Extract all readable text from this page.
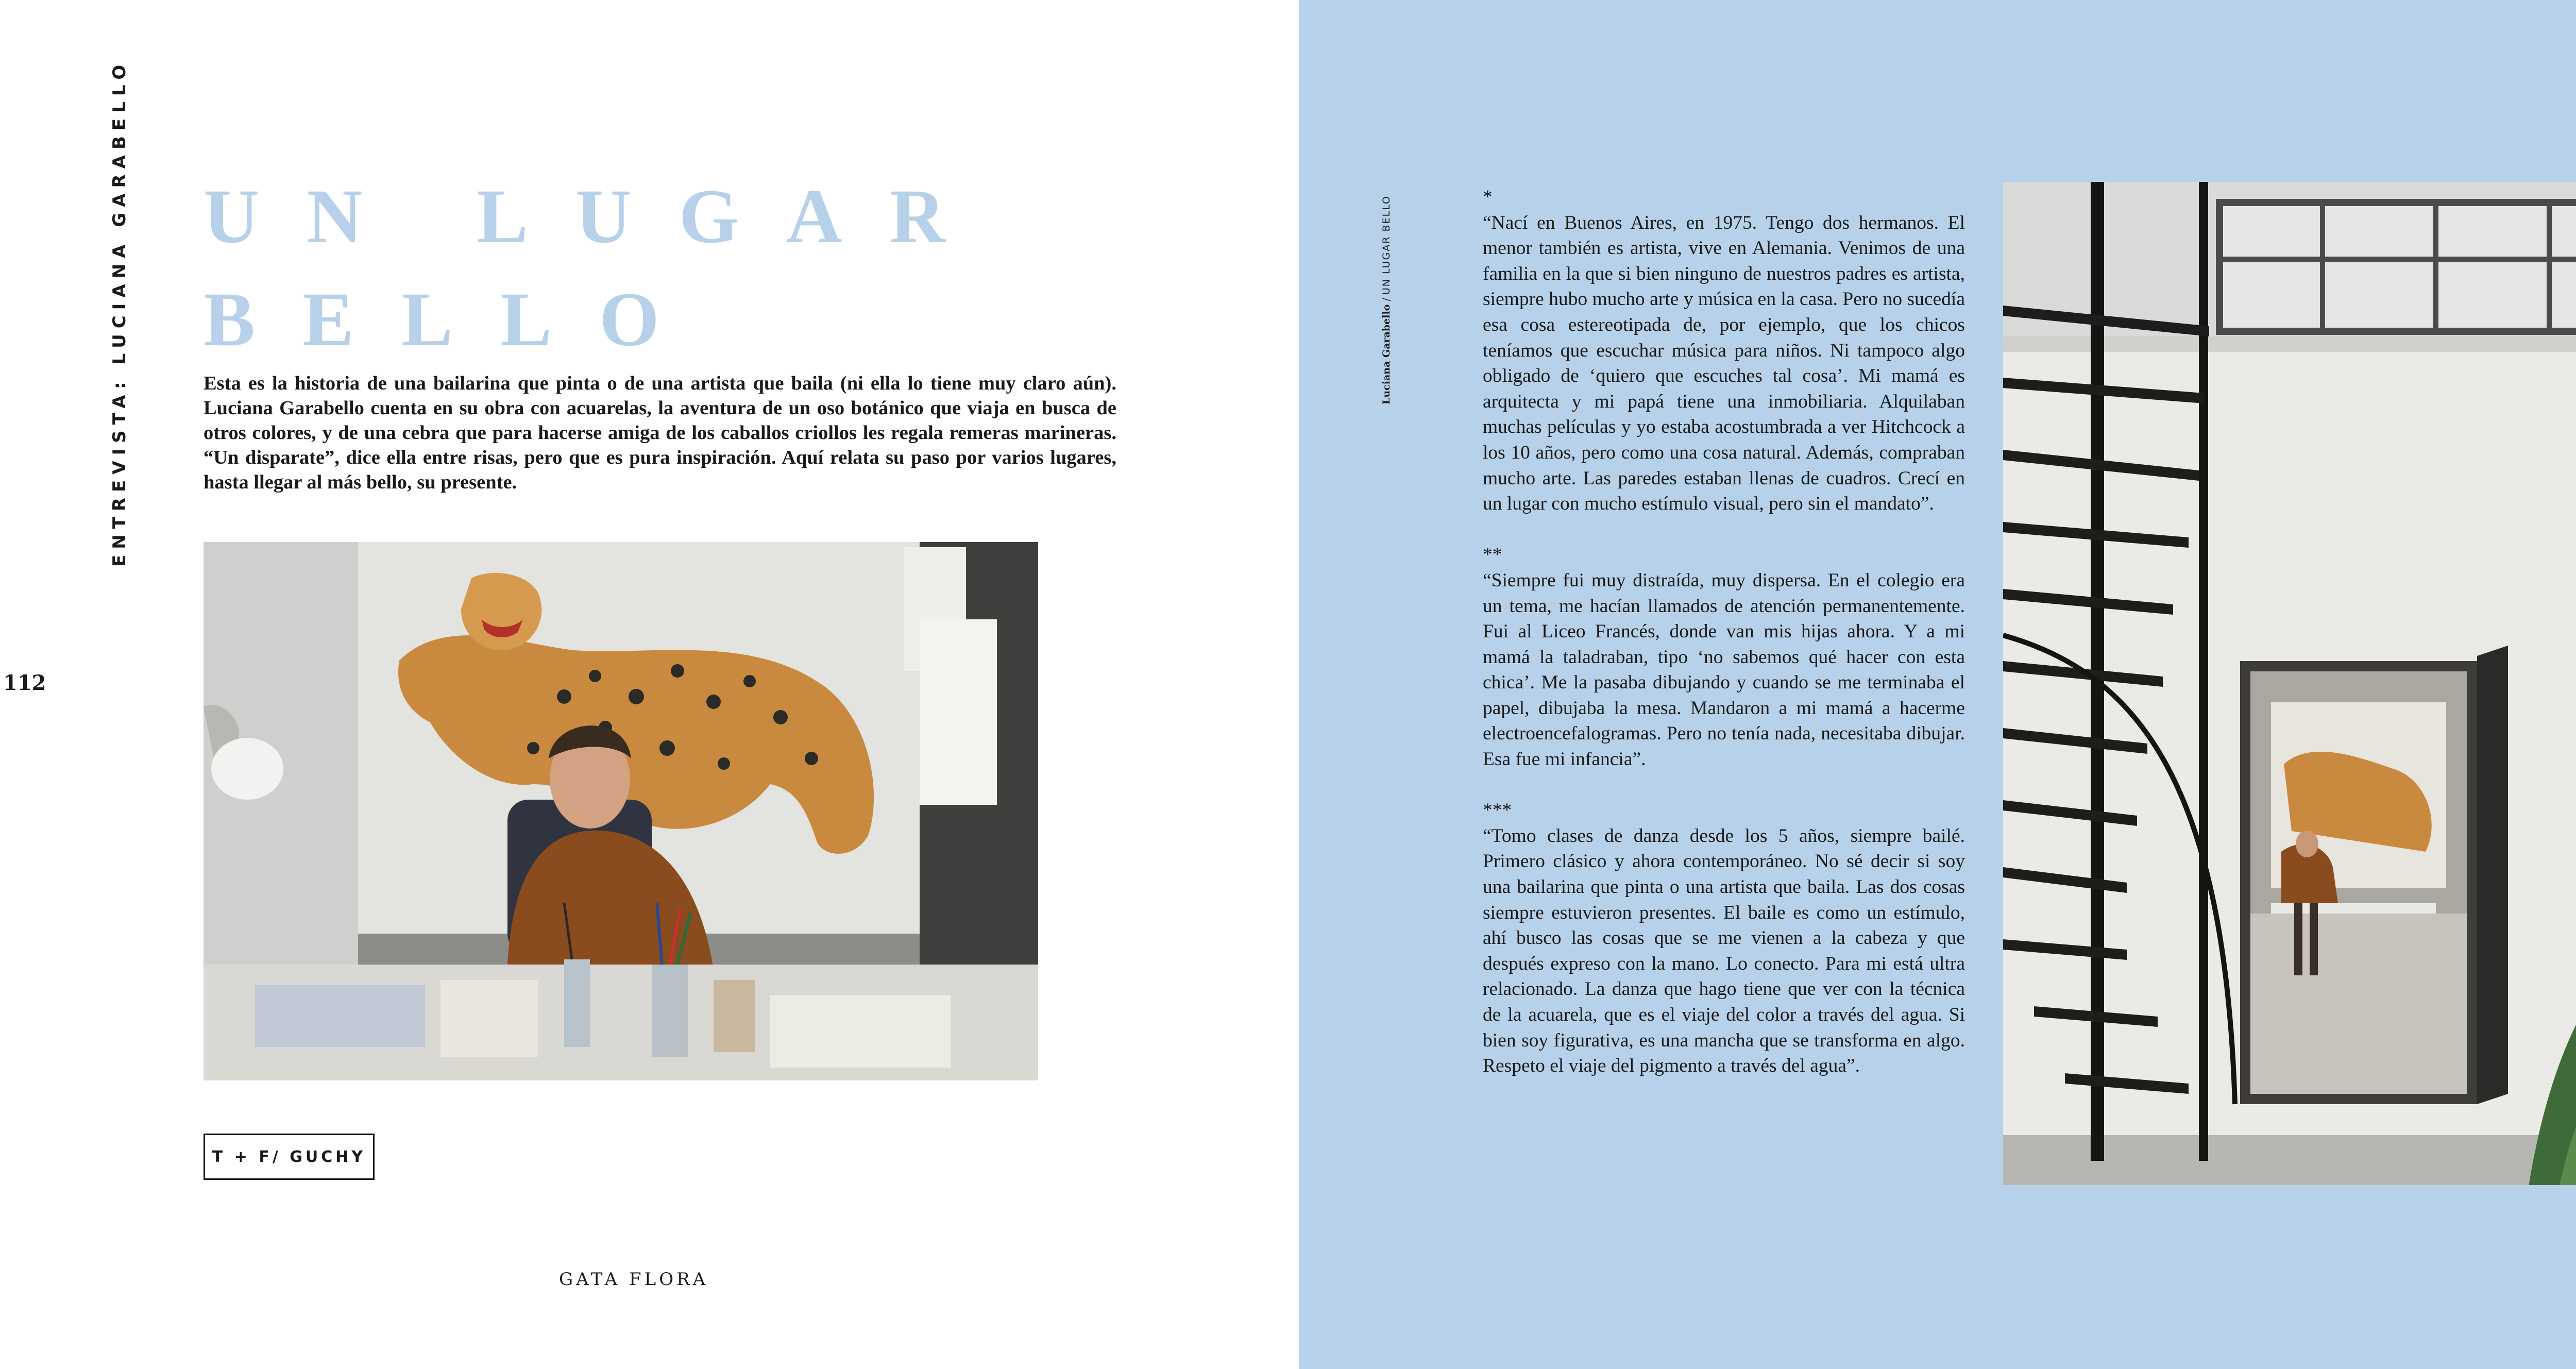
ENTREVISTA: LUCIANA GARABELLO
112
UN LUGAR
BELLO

Esta es la historia de una bailarina que pinta o de una artista que baila (ni ella lo tiene muy claro aún). Luciana Garabello cuenta en su obra con acuarelas, la aventura de un oso botánico que viaja en busca de otros colores, y de una cebra que para hacerse amiga de los caballos criollos les regala remeras marineras. “Un disparate”, dice ella entre risas, pero que es pura inspiración. Aquí relata su paso por varios lugares, hasta llegar al más bello, su presente.

T + F/ GUCHY
GATA FLORA
Luciana Garabello / UN LUGAR BELLO	*

“Nací en Buenos Aires, en 1975. Tengo dos hermanos. El menor también es artista, vive en Alemania. Venimos de una familia en la que si bien ninguno de nuestros padres es artista, siempre hubo mucho arte y música en la casa. Pero no sucedía esa cosa estereotipada de, por ejemplo, que los chicos teníamos que escuchar música para niños. Ni tampoco algo obligado de ‘quiero que escuches tal cosa’. Mi mamá es arquitecta y mi papá tiene una inmobiliaria. Alquilaban muchas películas y yo estaba acostumbrada a ver Hitchcock a los 10 años, pero como una cosa natural. Además, compraban mucho arte. Las paredes estaban llenas de cuadros. Crecí en un lugar con mucho estímulo visual, pero sin el mandato”.

**

“Siempre fui muy distraída, muy dispersa. En el colegio era un tema, me hacían llamados de atención permanentemente. Fui al Liceo Francés, donde van mis hijas ahora. Y a mi mamá la taladraban, tipo ‘no sabemos qué hacer con esta chica’. Me la pasaba dibujando y cuando se me terminaba el papel, dibujaba la mesa. Mandaron a mi mamá a hacerme electroencefalogramas. Pero no tenía nada, necesitaba dibujar. Esa fue mi infancia”.

***

“Tomo clases de danza desde los 5 años, siempre bailé. Primero clásico y ahora contemporáneo. No sé decir si soy una bailarina que pinta o una artista que baila. Las dos cosas siempre estuvieron presentes. El baile es como un estímulo, ahí busco las cosas que se me vienen a la cabeza y que después expreso con la mano. Lo conecto. Para mi está ultra relacionado. La danza que hago tiene que ver con la técnica de la acuarela, que es el viaje del color a través del agua. Si bien soy figurativa, es una mancha que se transforma en algo. Respeto el viaje del pigmento a través del agua”.
